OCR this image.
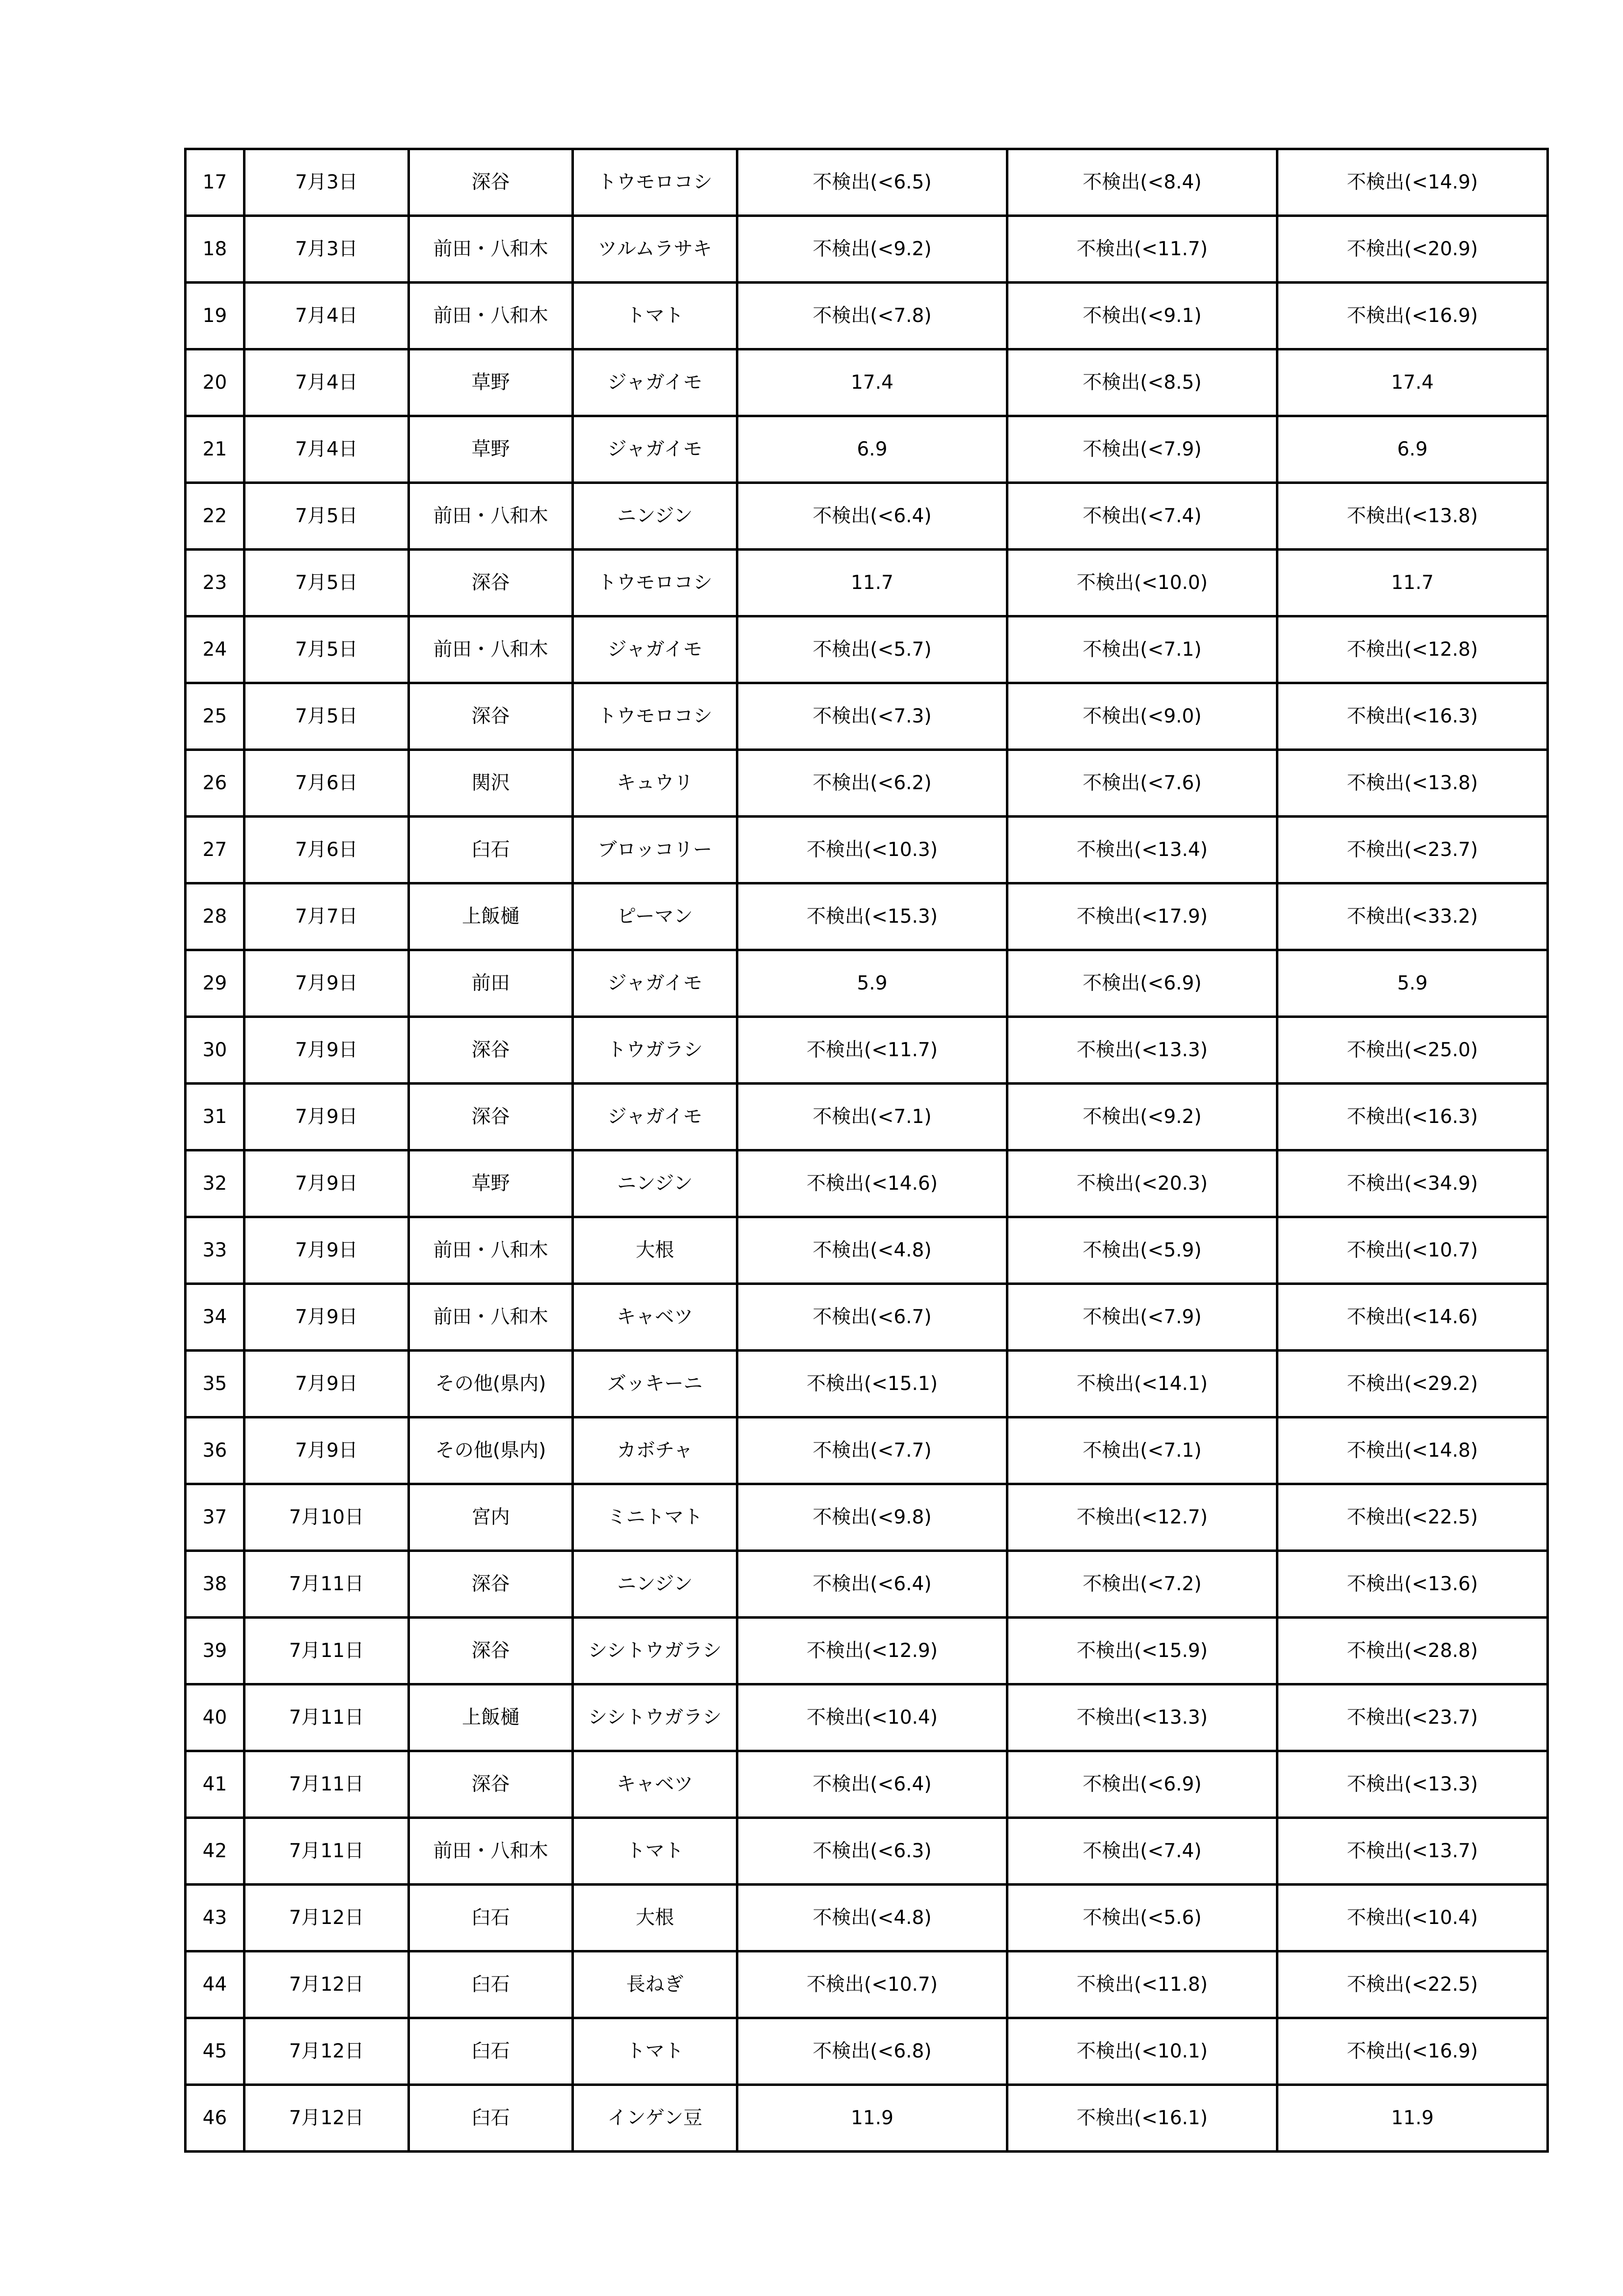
17	7月3日	深谷	トウモロコシ	不検出(<6.5)	不検出(<8.4)	不検出(<14.9)
18	7月3日	前田・八和木	ツルムラサキ	不検出(<9.2)	不検出(<11.7)	不検出(<20.9)
19	7月4日	前田・八和木	トマト	不検出(<7.8)	不検出(<9.1)	不検出(<16.9)
20	7月4日	草野	ジャガイモ	17.4	不検出(<8.5)	17.4
21	7月4日	草野	ジャガイモ	6.9	不検出(<7.9)	6.9
22	7月5日	前田・八和木	ニンジン	不検出(<6.4)	不検出(<7.4)	不検出(<13.8)
23	7月5日	深谷	トウモロコシ	11.7	不検出(<10.0)	11.7
24	7月5日	前田・八和木	ジャガイモ	不検出(<5.7)	不検出(<7.1)	不検出(<12.8)
25	7月5日	深谷	トウモロコシ	不検出(<7.3)	不検出(<9.0)	不検出(<16.3)
26	7月6日	関沢	キュウリ	不検出(<6.2)	不検出(<7.6)	不検出(<13.8)
27	7月6日	臼石	ブロッコリー	不検出(<10.3)	不検出(<13.4)	不検出(<23.7)
28	7月7日	上飯樋	ピーマン	不検出(<15.3)	不検出(<17.9)	不検出(<33.2)
29	7月9日	前田	ジャガイモ	5.9	不検出(<6.9)	5.9
30	7月9日	深谷	トウガラシ	不検出(<11.7)	不検出(<13.3)	不検出(<25.0)
31	7月9日	深谷	ジャガイモ	不検出(<7.1)	不検出(<9.2)	不検出(<16.3)
32	7月9日	草野	ニンジン	不検出(<14.6)	不検出(<20.3)	不検出(<34.9)
33	7月9日	前田・八和木	大根	不検出(<4.8)	不検出(<5.9)	不検出(<10.7)
34	7月9日	前田・八和木	キャベツ	不検出(<6.7)	不検出(<7.9)	不検出(<14.6)
35	7月9日	その他(県内)	ズッキーニ	不検出(<15.1)	不検出(<14.1)	不検出(<29.2)
36	7月9日	その他(県内)	カボチャ	不検出(<7.7)	不検出(<7.1)	不検出(<14.8)
37	7月10日	宮内	ミニトマト	不検出(<9.8)	不検出(<12.7)	不検出(<22.5)
38	7月11日	深谷	ニンジン	不検出(<6.4)	不検出(<7.2)	不検出(<13.6)
39	7月11日	深谷	シシトウガラシ	不検出(<12.9)	不検出(<15.9)	不検出(<28.8)
40	7月11日	上飯樋	シシトウガラシ	不検出(<10.4)	不検出(<13.3)	不検出(<23.7)
41	7月11日	深谷	キャベツ	不検出(<6.4)	不検出(<6.9)	不検出(<13.3)
42	7月11日	前田・八和木	トマト	不検出(<6.3)	不検出(<7.4)	不検出(<13.7)
43	7月12日	臼石	大根	不検出(<4.8)	不検出(<5.6)	不検出(<10.4)
44	7月12日	臼石	長ねぎ	不検出(<10.7)	不検出(<11.8)	不検出(<22.5)
45	7月12日	臼石	トマト	不検出(<6.8)	不検出(<10.1)	不検出(<16.9)
46	7月12日	臼石	インゲン豆	11.9	不検出(<16.1)	11.9
